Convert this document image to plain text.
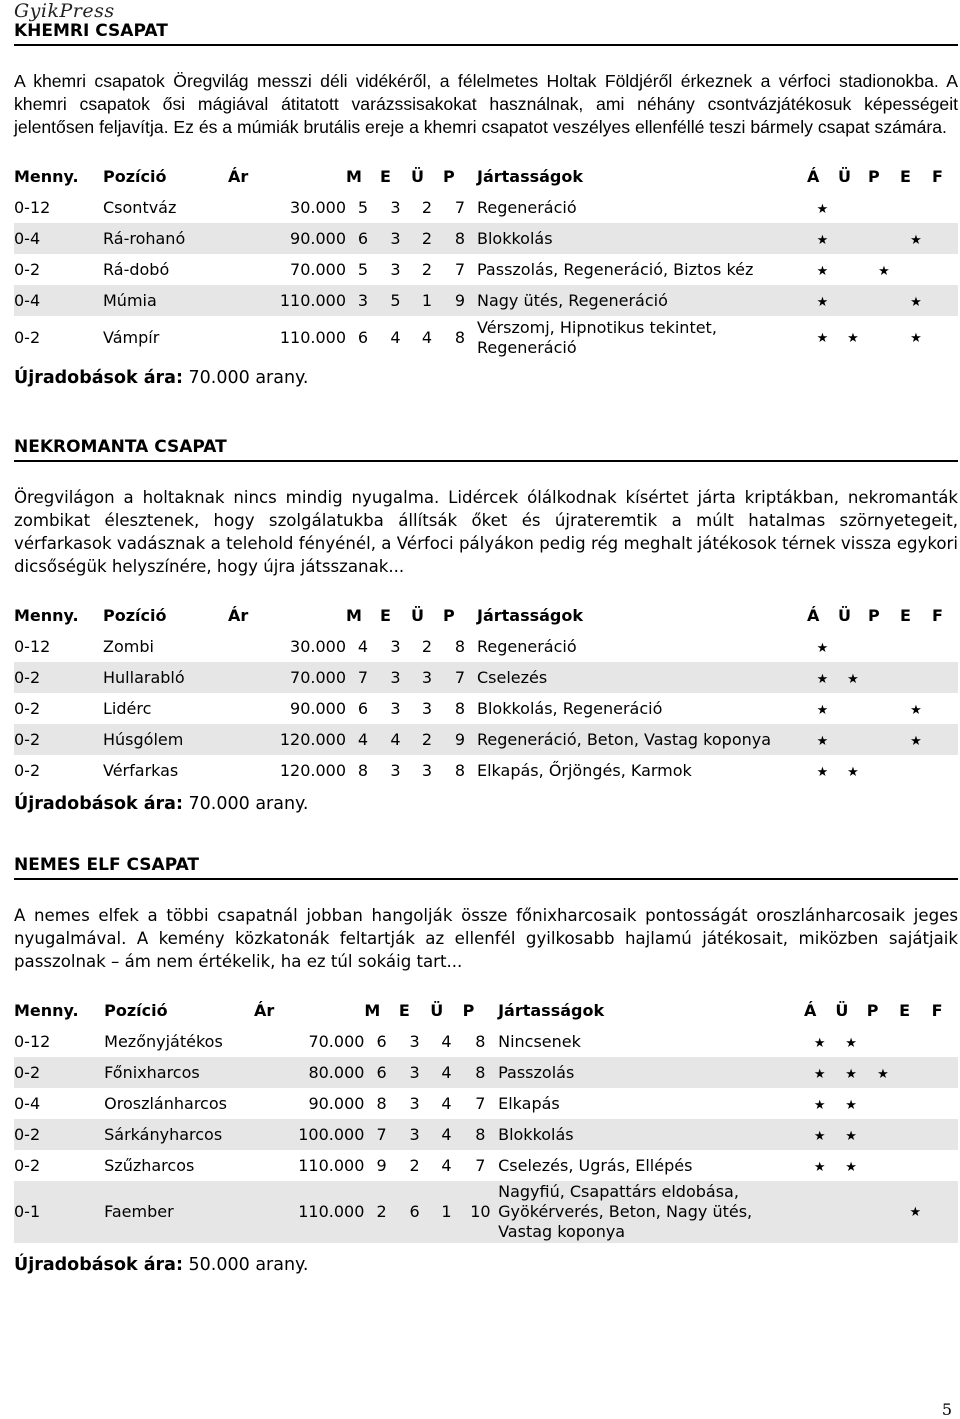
GyikPress
KHEMRI CSAPAT
A khemri csapatok Öregvilág messzi déli vidékéről, a félelmetes Holtak Földjéről érkeznek a vérfoci stadionokba. A khemri csapatok ősi mágiával átitatott varázssisakokat használnak, ami néhány csontvázjátékosuk képességeit jelentősen feljavítja. Ez és a múmiák brutális ereje a khemri csapatot veszélyes ellenféllé teszi bármely csapat számára.
Menny.	Pozíció	Ár	M	E	Ü	P	Jártasságok	Á	Ü	P	E	F
0-12	Csontváz	30.000	5	3	2	7	Regeneráció	★				
0-4	Rá-rohanó	90.000	6	3	2	8	Blokkolás	★			★	
0-2	Rá-dobó	70.000	5	3	2	7	Passzolás, Regeneráció, Biztos kéz	★		★		
0-4	Múmia	110.000	3	5	1	9	Nagy ütés, Regeneráció	★			★	
0-2	Vámpír	110.000	6	4	4	8	Vérszomj, Hipnotikus tekintet, Regeneráció	★	★		★	
Újradobások ára: 70.000 arany.
NEKROMANTA CSAPAT
Öregvilágon a holtaknak nincs mindig nyugalma. Lidércek ólálkodnak kísértet járta kriptákban, nekromanták zombikat élesztenek, hogy szolgálatukba állítsák őket és újrateremtik a múlt hatalmas szörnyetegeit, vérfarkasok vadásznak a telehold fényénél, a Vérfoci pályákon pedig rég meghalt játékosok térnek vissza egykori dicsőségük helyszínére, hogy újra játsszanak...
Menny.	Pozíció	Ár	M	E	Ü	P	Jártasságok	Á	Ü	P	E	F
0-12	Zombi	30.000	4	3	2	8	Regeneráció	★				
0-2	Hullarabló	70.000	7	3	3	7	Cselezés	★	★			
0-2	Lidérc	90.000	6	3	3	8	Blokkolás, Regeneráció	★			★	
0-2	Húsgólem	120.000	4	4	2	9	Regeneráció, Beton, Vastag koponya	★			★	
0-2	Vérfarkas	120.000	8	3	3	8	Elkapás, Őrjöngés, Karmok	★	★			
Újradobások ára: 70.000 arany.
NEMES ELF CSAPAT
A nemes elfek a többi csapatnál jobban hangolják össze főnixharcosaik pontosságát oroszlánharcosaik jeges nyugalmával. A kemény közkatonák feltartják az ellenfél gyilkosabb hajlamú játékosait, miközben sajátjaik passzolnak – ám nem értékelik, ha ez túl sokáig tart...
Menny.	Pozíció	Ár	M	E	Ü	P	Jártasságok	Á	Ü	P	E	F
0-12	Mezőnyjátékos	70.000	6	3	4	8	Nincsenek	★	★			
0-2	Főnixharcos	80.000	6	3	4	8	Passzolás	★	★	★		
0-4	Oroszlánharcos	90.000	8	3	4	7	Elkapás	★	★			
0-2	Sárkányharcos	100.000	7	3	4	8	Blokkolás	★	★			
0-2	Szűzharcos	110.000	9	2	4	7	Cselezés, Ugrás, Ellépés	★	★			
0-1	Faember	110.000	2	6	1	10	Nagyfiú, Csapattárs eldobása, Gyökérverés, Beton, Nagy ütés, Vastag koponya				★	
Újradobások ára: 50.000 arany.
5
